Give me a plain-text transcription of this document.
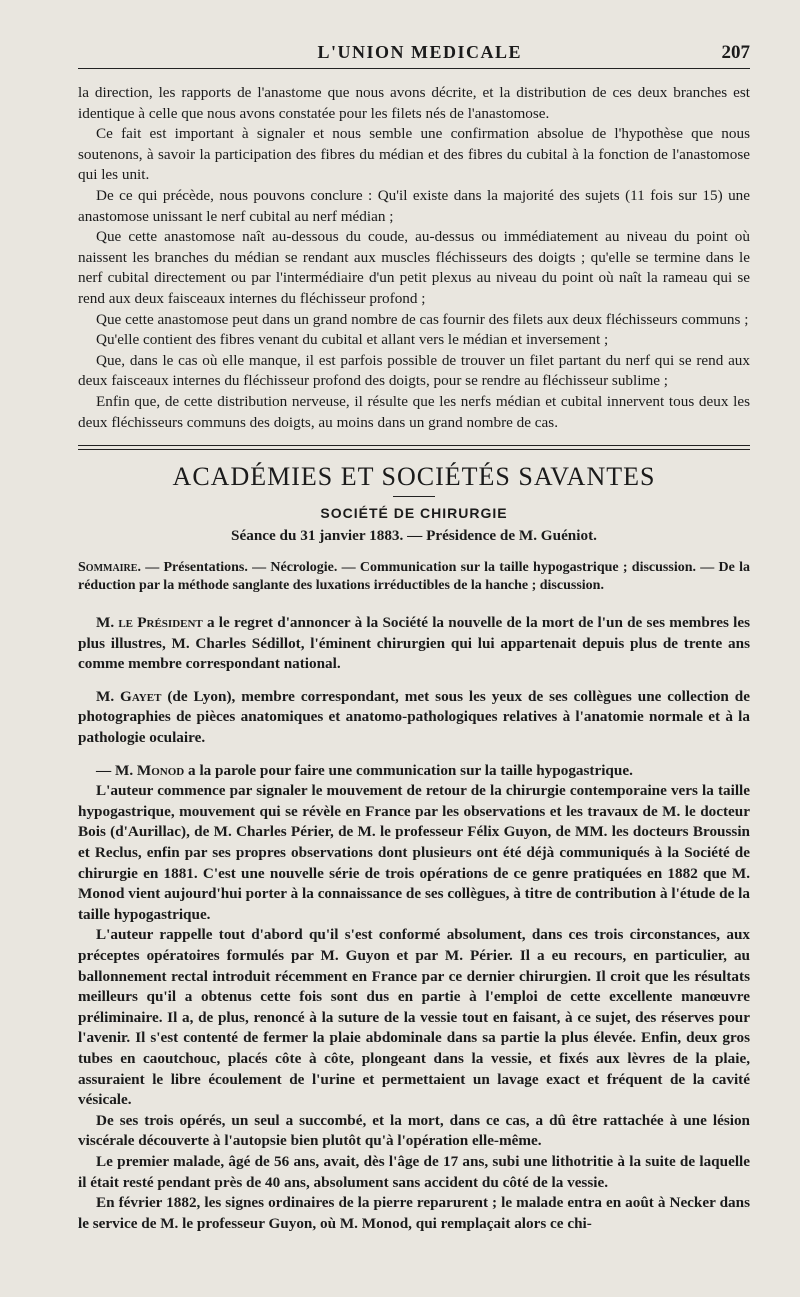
L'UNION MEDICALE	207

la direction, les rapports de l'anastome que nous avons décrite, et la distribution de ces deux branches est identique à celle que nous avons constatée pour les filets nés de l'anastomose.

Ce fait est important à signaler et nous semble une confirmation absolue de l'hypothèse que nous soutenons, à savoir la participation des fibres du médian et des fibres du cubital à la fonction de l'anastomose qui les unit.

De ce qui précède, nous pouvons conclure : Qu'il existe dans la majorité des sujets (11 fois sur 15) une anastomose unissant le nerf cubital au nerf médian ;

Que cette anastomose naît au-dessous du coude, au-dessus ou immédiatement au niveau du point où naissent les branches du médian se rendant aux muscles fléchisseurs des doigts ; qu'elle se termine dans le nerf cubital directement ou par l'intermédiaire d'un petit plexus au niveau du point où naît la rameau qui se rend aux deux faisceaux internes du fléchisseur profond ;

Que cette anastomose peut dans un grand nombre de cas fournir des filets aux deux fléchisseurs communs ;

Qu'elle contient des fibres venant du cubital et allant vers le médian et inversement ;

Que, dans le cas où elle manque, il est parfois possible de trouver un filet partant du nerf qui se rend aux deux faisceaux internes du fléchisseur profond des doigts, pour se rendre au fléchisseur sublime ;

Enfin que, de cette distribution nerveuse, il résulte que les nerfs médian et cubital innervent tous deux les deux fléchisseurs communs des doigts, au moins dans un grand nombre de cas.

ACADÉMIES ET SOCIÉTÉS SAVANTES
SOCIÉTÉ DE CHIRURGIE
Séance du 31 janvier 1883. — Présidence de M. Guéniot.

Sommaire. — Présentations. — Nécrologie. — Communication sur la taille hypogastrique ; discussion. — De la réduction par la méthode sanglante des luxations irréductibles de la hanche ; discussion.

M. le Président a le regret d'annoncer à la Société la nouvelle de la mort de l'un de ses membres les plus illustres, M. Charles Sédillot, l'éminent chirurgien qui lui appartenait depuis plus de trente ans comme membre correspondant national.

M. Gayet (de Lyon), membre correspondant, met sous les yeux de ses collègues une collection de photographies de pièces anatomiques et anatomo-pathologiques relatives à l'anatomie normale et à la pathologie oculaire.

— M. Monod a la parole pour faire une communication sur la taille hypogastrique.

L'auteur commence par signaler le mouvement de retour de la chirurgie contemporaine vers la taille hypogastrique, mouvement qui se révèle en France par les observations et les travaux de M. le docteur Bois (d'Aurillac), de M. Charles Périer, de M. le professeur Félix Guyon, de MM. les docteurs Broussin et Reclus, enfin par ses propres observations dont plusieurs ont été déjà communiqués à la Société de chirurgie en 1881. C'est une nouvelle série de trois opérations de ce genre pratiquées en 1882 que M. Monod vient aujourd'hui porter à la connaissance de ses collègues, à titre de contribution à l'étude de la taille hypogastrique.

L'auteur rappelle tout d'abord qu'il s'est conformé absolument, dans ces trois circonstances, aux préceptes opératoires formulés par M. Guyon et par M. Périer. Il a eu recours, en particulier, au ballonnement rectal introduit récemment en France par ce dernier chirurgien. Il croit que les résultats meilleurs qu'il a obtenus cette fois sont dus en partie à l'emploi de cette excellente manœuvre préliminaire. Il a, de plus, renoncé à la suture de la vessie tout en faisant, à ce sujet, des réserves pour l'avenir. Il s'est contenté de fermer la plaie abdominale dans sa partie la plus élevée. Enfin, deux gros tubes en caoutchouc, placés côte à côte, plongeant dans la vessie, et fixés aux lèvres de la plaie, assuraient le libre écoulement de l'urine et permettaient un lavage exact et fréquent de la cavité vésicale.

De ses trois opérés, un seul a succombé, et la mort, dans ce cas, a dû être rattachée à une lésion viscérale découverte à l'autopsie bien plutôt qu'à l'opération elle-même.

Le premier malade, âgé de 56 ans, avait, dès l'âge de 17 ans, subi une lithotritie à la suite de laquelle il était resté pendant près de 40 ans, absolument sans accident du côté de la vessie.

En février 1882, les signes ordinaires de la pierre reparurent ; le malade entra en août à Necker dans le service de M. le professeur Guyon, où M. Monod, qui remplaçait alors ce chi-
